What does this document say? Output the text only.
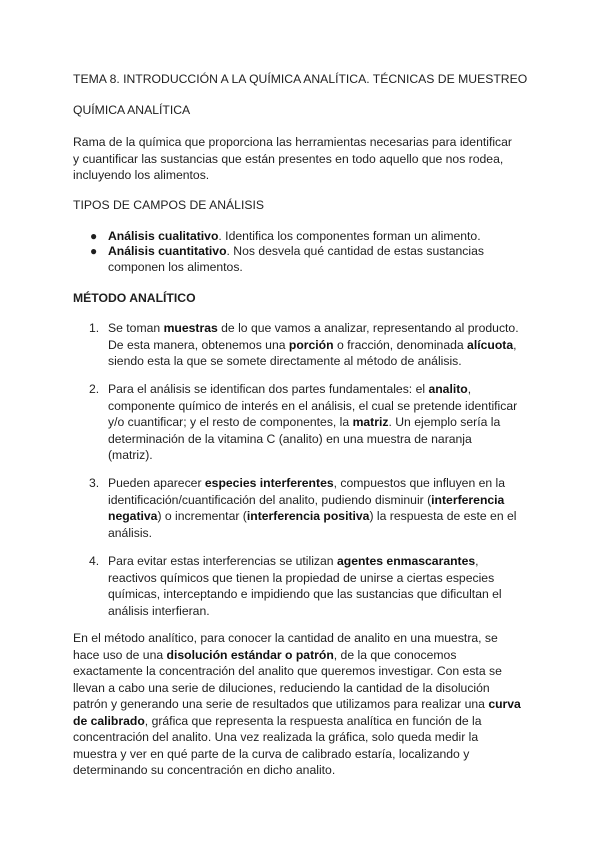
TEMA 8. INTRODUCCIÓN A LA QUÍMICA ANALÍTICA. TÉCNICAS DE MUESTREO
QUÍMICA ANALÍTICA
Rama de la química que proporciona las herramientas necesarias para identificar
y cuantificar las sustancias que están presentes en todo aquello que nos rodea,
incluyendo los alimentos.
TIPOS DE CAMPOS DE ANÁLISIS
● Análisis cualitativo. Identifica los componentes forman un alimento.
● Análisis cuantitativo. Nos desvela qué cantidad de estas sustancias
componen los alimentos.
MÉTODO ANALÍTICO
1. Se toman muestras de lo que vamos a analizar, representando al producto.
De esta manera, obtenemos una porción o fracción, denominada alícuota,
siendo esta la que se somete directamente al método de análisis.
2. Para el análisis se identifican dos partes fundamentales: el analito,
componente químico de interés en el análisis, el cual se pretende identificar
y/o cuantificar; y el resto de componentes, la matriz. Un ejemplo sería la
determinación de la vitamina C (analito) en una muestra de naranja
(matriz).
3. Pueden aparecer especies interferentes, compuestos que influyen en la
identificación/cuantificación del analito, pudiendo disminuir (interferencia
negativa) o incrementar (interferencia positiva) la respuesta de este en el
análisis.
4. Para evitar estas interferencias se utilizan agentes enmascarantes,
reactivos químicos que tienen la propiedad de unirse a ciertas especies
químicas, interceptando e impidiendo que las sustancias que dificultan el
análisis interfieran.
En el método analítico, para conocer la cantidad de analito en una muestra, se
hace uso de una disolución estándar o patrón, de la que conocemos
exactamente la concentración del analito que queremos investigar. Con esta se
llevan a cabo una serie de diluciones, reduciendo la cantidad de la disolución
patrón y generando una serie de resultados que utilizamos para realizar una curva
de calibrado, gráfica que representa la respuesta analítica en función de la
concentración del analito. Una vez realizada la gráfica, solo queda medir la
muestra y ver en qué parte de la curva de calibrado estaría, localizando y
determinando su concentración en dicho analito.
